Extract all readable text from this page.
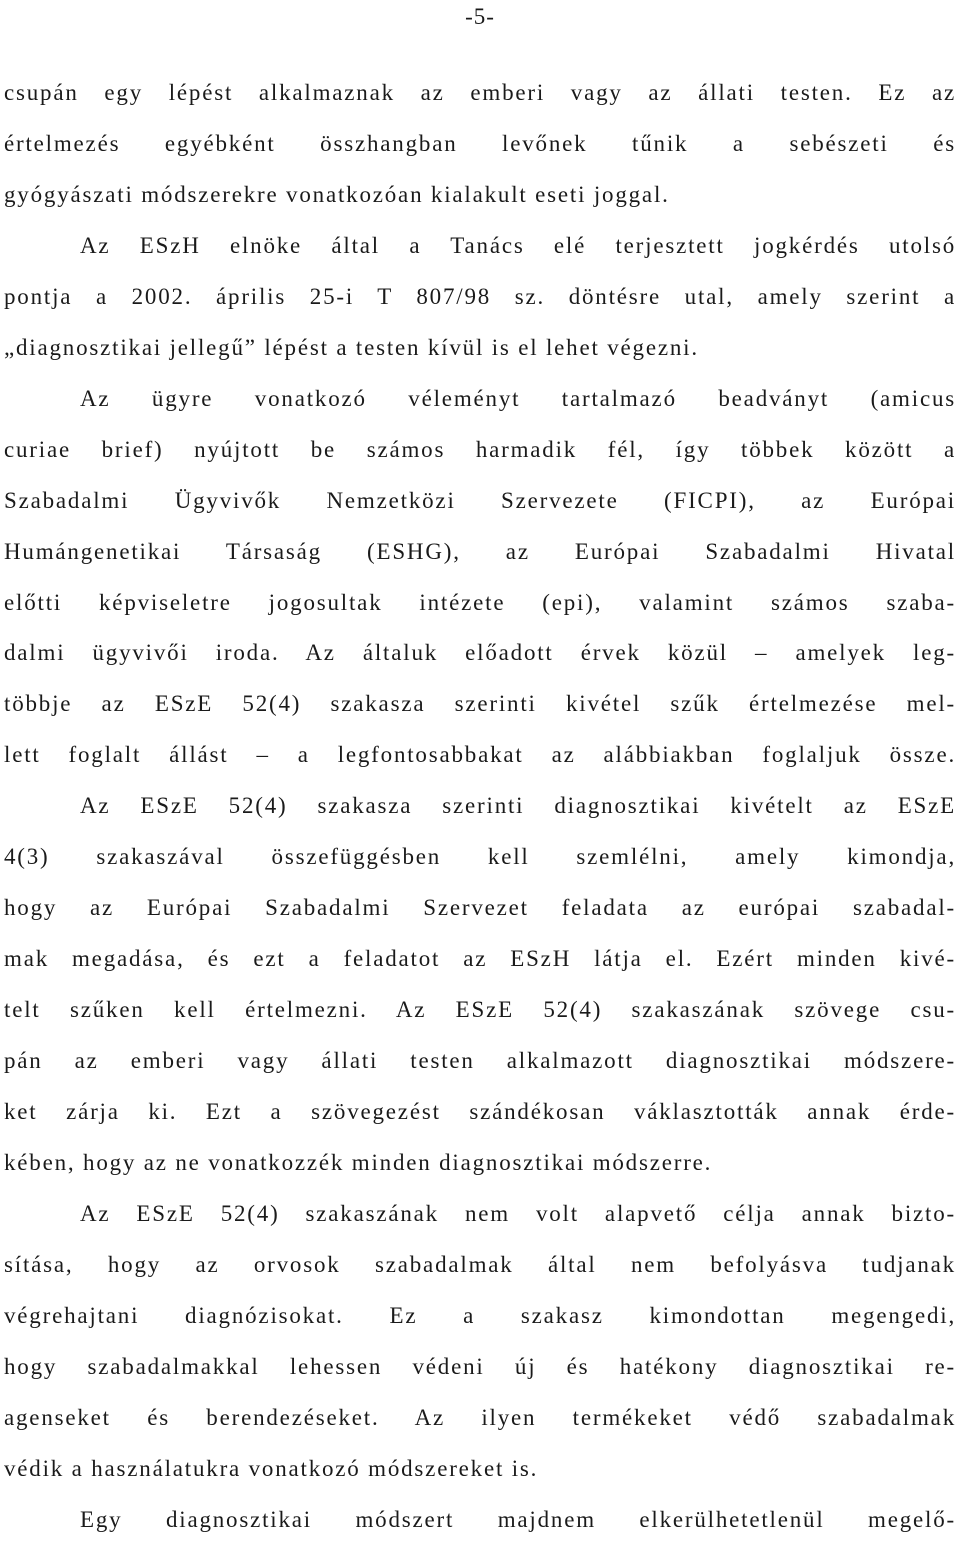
-5-
csupán egy lépést alkalmaznak az emberi vagy az állati testen. Ez az
értelmezés egyébként összhangban levőnek tűnik a sebészeti és
gyógyászati módszerekre vonatkozóan kialakult eseti joggal.
Az ESzH elnöke által a Tanács elé terjesztett jogkérdés utolsó
pontja a 2002. április 25-i T 807/98 sz. döntésre utal, amely szerint a
„diagnosztikai jellegű” lépést a testen kívül is el lehet végezni.
Az ügyre vonatkozó véleményt tartalmazó beadványt (amicus
curiae brief) nyújtott be számos harmadik fél, így többek között a
Szabadalmi Ügyvivők Nemzetközi Szervezete (FICPI), az Európai
Humángenetikai Társaság (ESHG), az Európai Szabadalmi Hivatal
előtti képviseletre jogosultak intézete (epi), valamint számos szaba-
dalmi ügyvivői iroda. Az általuk előadott érvek közül – amelyek leg-
többje az ESzE 52(4) szakasza szerinti kivétel szűk értelmezése mel-
lett foglalt állást – a legfontosabbakat az alábbiakban foglaljuk össze.
Az ESzE 52(4) szakasza szerinti diagnosztikai kivételt az ESzE
4(3) szakaszával összefüggésben kell szemlélni, amely kimondja,
hogy az Európai Szabadalmi Szervezet feladata az európai szabadal-
mak megadása, és ezt a feladatot az ESzH látja el. Ezért minden kivé-
telt szűken kell értelmezni. Az ESzE 52(4) szakaszának szövege csu-
pán az emberi vagy állati testen alkalmazott diagnosztikai módszere-
ket zárja ki. Ezt a szövegezést szándékosan váklasztották annak érde-
kében, hogy az ne vonatkozzék minden diagnosztikai módszerre.
Az ESzE 52(4) szakaszának nem volt alapvető célja annak bizto-
sítása, hogy az orvosok szabadalmak által nem befolyásva tudjanak
végrehajtani diagnózisokat. Ez a szakasz kimondottan megengedi,
hogy szabadalmakkal lehessen védeni új és hatékony diagnosztikai re-
agenseket és berendezéseket. Az ilyen termékeket védő szabadalmak
védik a használatukra vonatkozó módszereket is.
Egy diagnosztikai módszert majdnem elkerülhetetlenül megelő-
